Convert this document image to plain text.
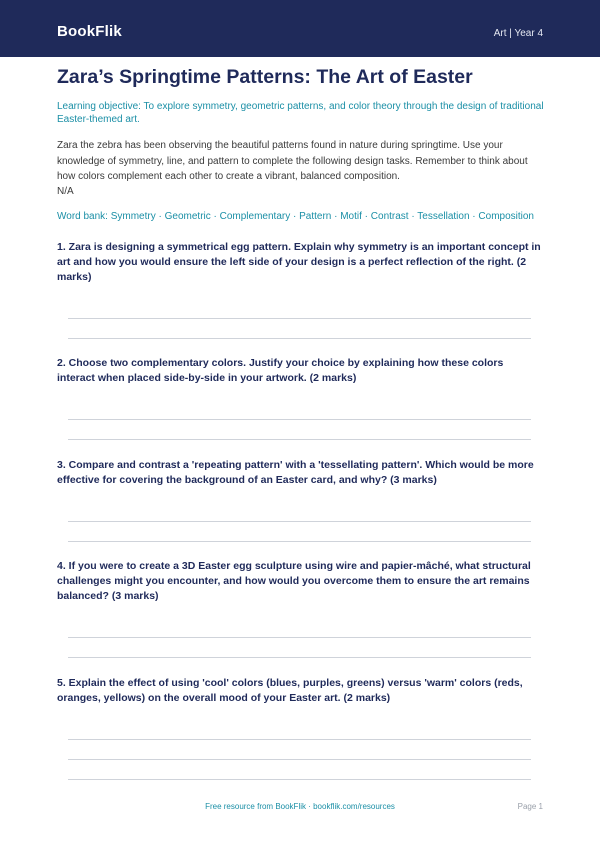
BookFlik	Art | Year 4
Zara’s Springtime Patterns: The Art of Easter
Learning objective: To explore symmetry, geometric patterns, and color theory through the design of traditional Easter-themed art.
Zara the zebra has been observing the beautiful patterns found in nature during springtime. Use your knowledge of symmetry, line, and pattern to complete the following design tasks. Remember to think about how colors complement each other to create a vibrant, balanced composition.
N/A
Word bank: Symmetry · Geometric · Complementary · Pattern · Motif · Contrast · Tessellation · Composition
1. Zara is designing a symmetrical egg pattern. Explain why symmetry is an important concept in art and how you would ensure the left side of your design is a perfect reflection of the right. (2 marks)
2. Choose two complementary colors. Justify your choice by explaining how these colors interact when placed side-by-side in your artwork. (2 marks)
3. Compare and contrast a 'repeating pattern' with a 'tessellating pattern'. Which would be more effective for covering the background of an Easter card, and why? (3 marks)
4. If you were to create a 3D Easter egg sculpture using wire and papier-mâché, what structural challenges might you encounter, and how would you overcome them to ensure the art remains balanced? (3 marks)
5. Explain the effect of using 'cool' colors (blues, purples, greens) versus 'warm' colors (reds, oranges, yellows) on the overall mood of your Easter art. (2 marks)
Free resource from BookFlik · bookflik.com/resources	Page 1
